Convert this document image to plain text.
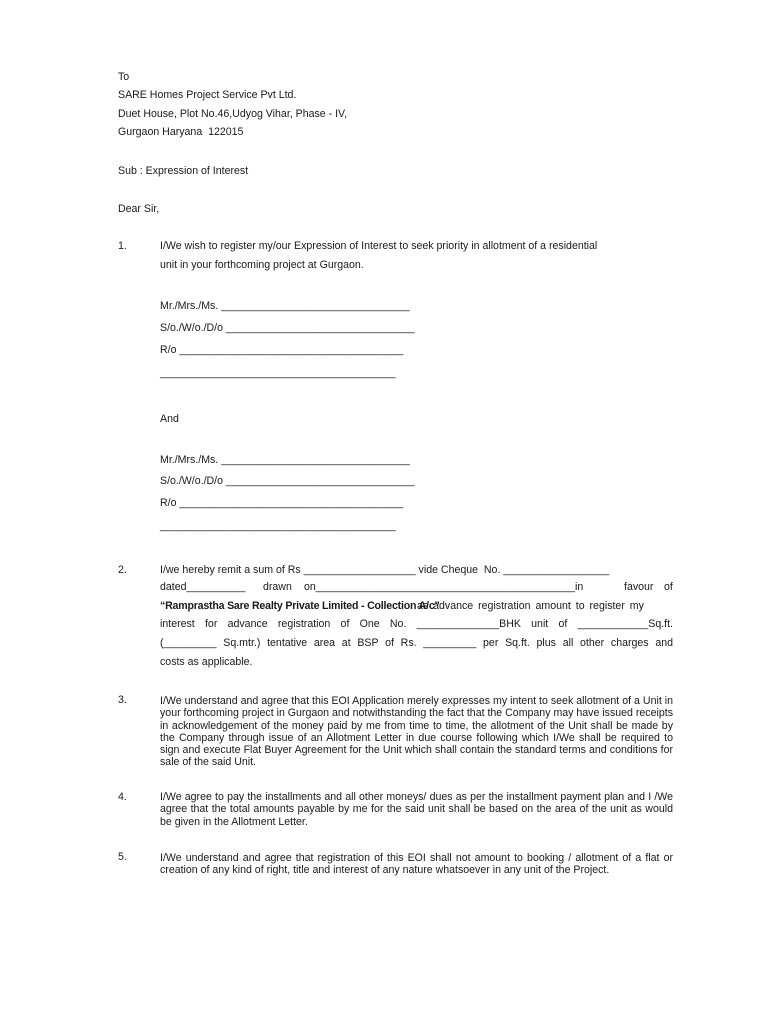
To
SARE Homes Project Service Pvt Ltd.
Duet House, Plot No.46,Udyog Vihar, Phase - IV,
Gurgaon Haryana  122015
Sub : Expression of Interest
Dear Sir,
1.	I/We wish to register my/our Expression of Interest to seek priority in allotment of a residential
unit in your forthcoming project at Gurgaon.
Mr./Mrs./Ms. ________________________________
S/o./W/o./D/o ________________________________
R/o ______________________________________
________________________________________
And
Mr./Mrs./Ms. ________________________________
S/o./W/o./D/o ________________________________
R/o ______________________________________
________________________________________
2.	I/we hereby remit a sum of Rs ___________________ vide Cheque  No. __________________
dated__________ drawn on____________________________________________in	favour of
“Ramprastha Sare Realty Private Limited - Collection A/c”
as advance registration amount to register my
interest for advance registration of One No. ______________BHK unit of ____________Sq.ft.
(_________ Sq.mtr.) tentative area at BSP of Rs. _________ per Sq.ft. plus all other charges and
costs as applicable.
3.	I/We understand and agree that this EOI Application merely expresses my intent to seek allotment of a Unit in your forthcoming project in Gurgaon and notwithstanding the fact that the Company may have issued receipts in acknowledgement of the money paid by me from time to time, the allotment of the Unit shall be made by the Company through issue of an Allotment Letter in due course following which I/We shall be required to sign and execute Flat Buyer Agreement for the Unit which shall contain the standard terms and conditions for sale of the said Unit.
4.	I/We agree to pay the installments and all other moneys/ dues as per the installment payment plan and I /We agree that the total amounts payable by me for the said unit shall be based on the area of the unit as would be given in the Allotment Letter.
5.	I/We understand and agree that registration of this EOI shall not amount to booking / allotment of a flat or creation of any kind of right, title and interest of any nature whatsoever in any unit of the Project.
